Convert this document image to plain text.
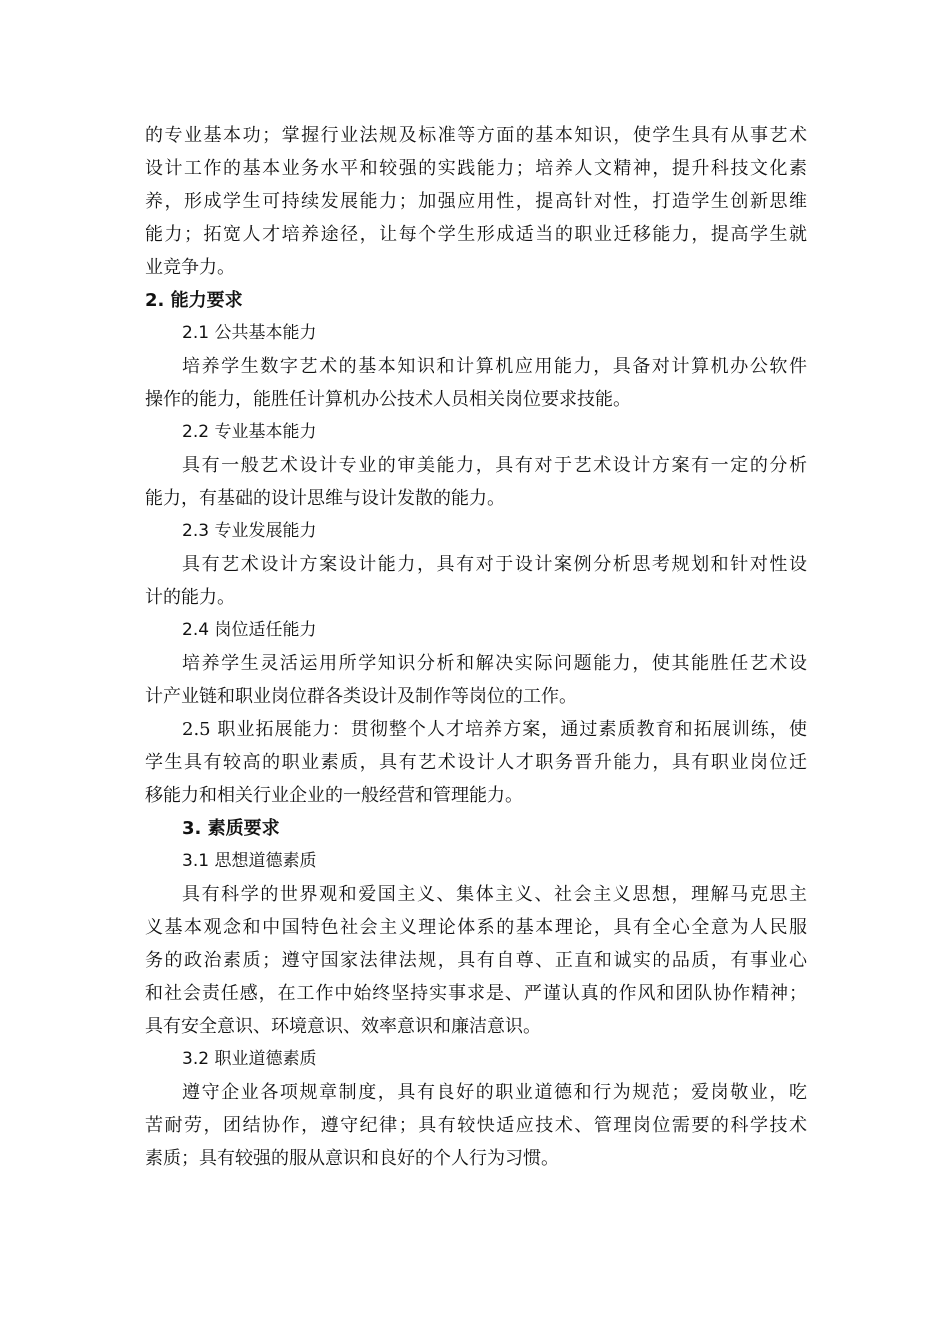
的专业基本功；掌握行业法规及标准等方面的基本知识，使学生具有从事艺术
设计工作的基本业务水平和较强的实践能力；培养人文精神，提升科技文化素
养，形成学生可持续发展能力；加强应用性，提高针对性，打造学生创新思维
能力；拓宽人才培养途径，让每个学生形成适当的职业迁移能力，提高学生就
业竞争力。
2. 能力要求
2.1 公共基本能力
培养学生数字艺术的基本知识和计算机应用能力，具备对计算机办公软件
操作的能力，能胜任计算机办公技术人员相关岗位要求技能。
2.2 专业基本能力
具有一般艺术设计专业的审美能力，具有对于艺术设计方案有一定的分析
能力，有基础的设计思维与设计发散的能力。
2.3 专业发展能力
具有艺术设计方案设计能力，具有对于设计案例分析思考规划和针对性设
计的能力。
2.4 岗位适任能力
培养学生灵活运用所学知识分析和解决实际问题能力，使其能胜任艺术设
计产业链和职业岗位群各类设计及制作等岗位的工作。
2.5 职业拓展能力：贯彻整个人才培养方案，通过素质教育和拓展训练，使
学生具有较高的职业素质，具有艺术设计人才职务晋升能力，具有职业岗位迁
移能力和相关行业企业的一般经营和管理能力。
3. 素质要求
3.1 思想道德素质
具有科学的世界观和爱国主义、集体主义、社会主义思想，理解马克思主
义基本观念和中国特色社会主义理论体系的基本理论，具有全心全意为人民服
务的政治素质；遵守国家法律法规，具有自尊、正直和诚实的品质，有事业心
和社会责任感，在工作中始终坚持实事求是、严谨认真的作风和团队协作精神；
具有安全意识、环境意识、效率意识和廉洁意识。
3.2 职业道德素质
遵守企业各项规章制度，具有良好的职业道德和行为规范；爱岗敬业，吃
苦耐劳，团结协作，遵守纪律；具有较快适应技术、管理岗位需要的科学技术
素质；具有较强的服从意识和良好的个人行为习惯。
